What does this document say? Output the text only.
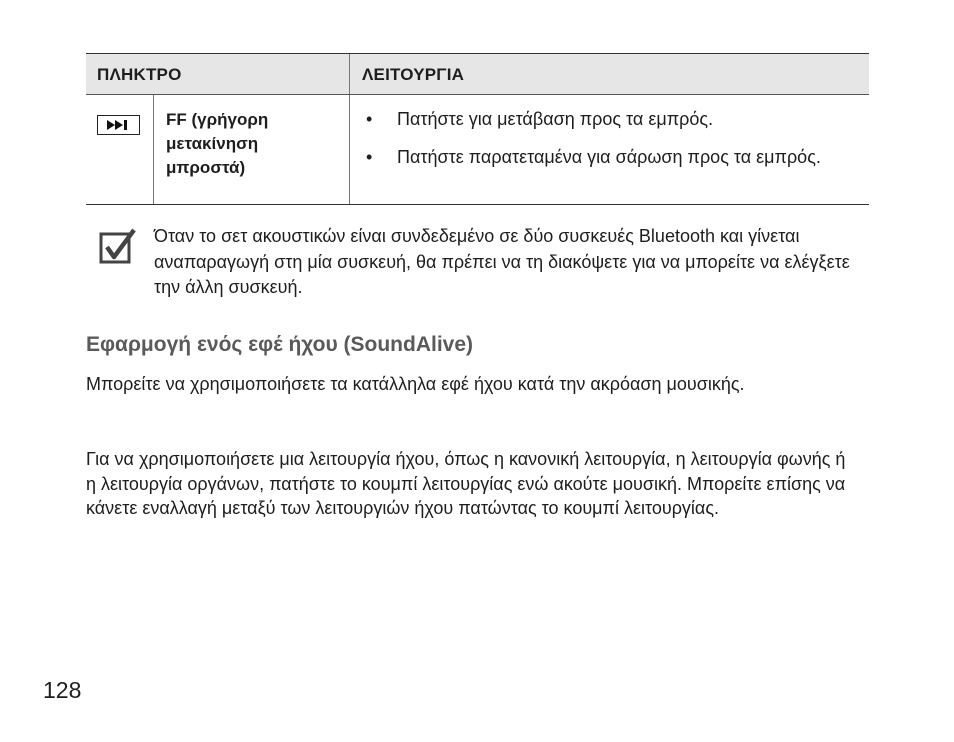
ΠΛΗΚΤΡΟ	ΛΕΙΤΟΥΡΓΙΑ
FF (γρήγορη μετακίνηση μπροστά)
• Πατήστε για μετάβαση προς τα εμπρός.
• Πατήστε παρατεταμένα για σάρωση προς τα εμπρός.
Όταν το σετ ακουστικών είναι συνδεδεμένο σε δύο συσκευές Bluetooth και γίνεται αναπαραγωγή στη μία συσκευή, θα πρέπει να τη διακόψετε για να μπορείτε να ελέγξετε την άλλη συσκευή.
Εφαρμογή ενός εφέ ήχου (SoundAlive)

Μπορείτε να χρησιμοποιήσετε τα κατάλληλα εφέ ήχου κατά την ακρόαση μουσικής.

Για να χρησιμοποιήσετε μια λειτουργία ήχου, όπως η κανονική λειτουργία, η λειτουργία φωνής ή η λειτουργία οργάνων, πατήστε το κουμπί λειτουργίας ενώ ακούτε μουσική. Μπορείτε επίσης να κάνετε εναλλαγή μεταξύ των λειτουργιών ήχου πατώντας το κουμπί λειτουργίας.

128
